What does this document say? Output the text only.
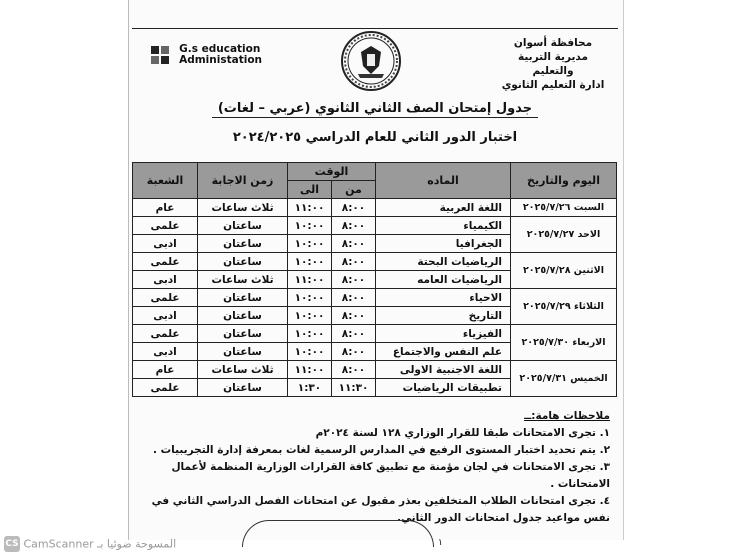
محافظة أسوان
مديرية التربية والتعليم
ادارة التعليم الثانوي

G.s education
Administation
جدول إمتحان الصف الثاني الثانوي (عربي – لغات)
اختبار الدور الثاني للعام الدراسي ٢٠٢٤/٢٠٢٥
اليوم والتاريخ	الماده	الوقت		زمن الاجابة	الشعبة
		من	الى		
السبت ٢٠٢٥/٧/٢٦	اللغة العربية	٨:٠٠	١١:٠٠	ثلاث ساعات	عام
الاحد ٢٠٢٥/٧/٢٧	الكيمياء	٨:٠٠	١٠:٠٠	ساعتان	علمى
	الجغرافيا	٨:٠٠	١٠:٠٠	ساعتان	ادبى
الاثنين ٢٠٢٥/٧/٢٨	الرياضيات البحتة	٨:٠٠	١٠:٠٠	ساعتان	علمى
	الرياضيات العامه	٨:٠٠	١١:٠٠	ثلاث ساعات	ادبى
الثلاثاء ٢٠٢٥/٧/٢٩	الاحياء	٨:٠٠	١٠:٠٠	ساعتان	علمى
	التاريخ	٨:٠٠	١٠:٠٠	ساعتان	ادبى
الاربعاء ٢٠٢٥/٧/٣٠	الفيزياء	٨:٠٠	١٠:٠٠	ساعتان	علمى
	علم النفس والاجتماع	٨:٠٠	١٠:٠٠	ساعتان	ادبى
الخميس ٢٠٢٥/٧/٣١	اللغة الاجنبية الاولى	٨:٠٠	١١:٠٠	ثلاث ساعات	عام
	تطبيقات الرياضيات	١١:٣٠	١:٣٠	ساعتان	علمى
ملاحظات هامة:ــ
١. تجرى الامتحانات طبقا للقرار الوزاري ١٢٨ لسنة ٢٠٢٤م
٢. يتم تحديد اختبار المستوى الرفيع في المدارس الرسمية لغات بمعرفة إدارة التجريبيات .
٣. تجرى الامتحانات في لجان مؤمنة مع تطبيق كافة القرارات الوزارية المنظمة لأعمال الامتحانات .
٤. تجرى امتحانات الطلاب المتخلفين بعذر مقبول عن امتحانات الفصل الدراسي الثاني في نفس مواعيد جدول امتحانات الدور الثاني.
١
CS CamScanner المسوحة ضوئيا بـ
